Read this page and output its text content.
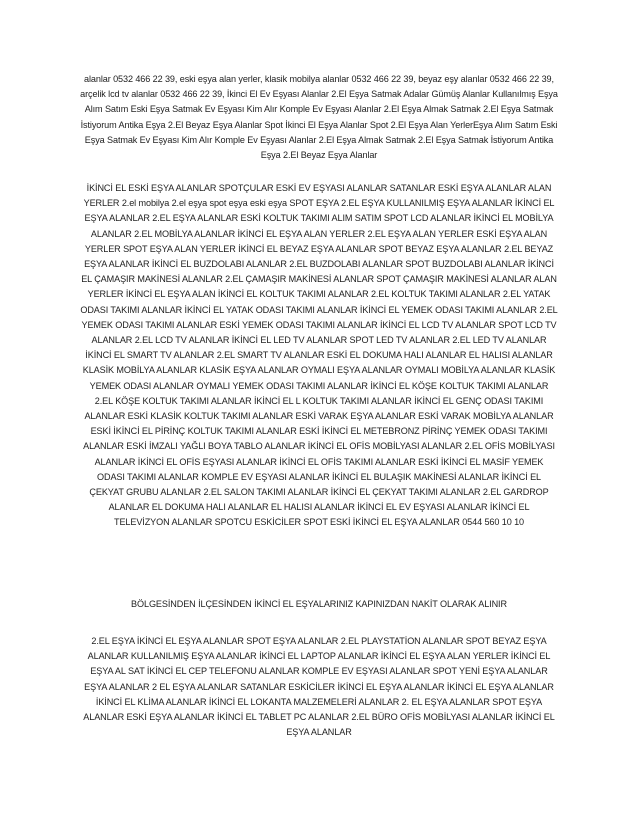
alanlar 0532 466 22 39, eski eşya alan yerler, klasik mobilya alanlar 0532 466 22 39, beyaz eşy alanlar 0532 466 22 39, arçelik lcd tv alanlar 0532 466 22 39, İkinci El Ev Eşyası Alanlar 2.El Eşya Satmak Adalar Gümüş Alanlar Kullanılmış Eşya Alım Satım Eski Eşya Satmak Ev Eşyası Kim Alır Komple Ev Eşyası Alanlar 2.El Eşya Almak Satmak 2.El Eşya Satmak İstiyorum Antika Eşya 2.El Beyaz Eşya Alanlar Spot İkinci El Eşya Alanlar Spot 2.El Eşya Alan YerlerEşya Alım Satım Eski Eşya Satmak Ev Eşyası Kim Alır Komple Ev Eşyası Alanlar 2.El Eşya Almak Satmak 2.El Eşya Satmak İstiyorum Antika Eşya 2.El Beyaz Eşya Alanlar
İKİNCİ EL ESKİ EŞYA ALANLAR SPOTÇULAR ESKİ EV EŞYASI ALANLAR SATANLAR ESKİ EŞYA ALANLAR ALAN YERLER 2.el mobilya 2.el eşya spot eşya eski eşya SPOT EŞYA 2.EL EŞYA KULLANILMIŞ EŞYA ALANLAR İKİNCİ EL EŞYA ALANLAR 2.EL EŞYA ALANLAR ESKİ KOLTUK TAKIMI ALIM SATIM SPOT LCD ALANLAR İKİNCİ EL MOBİLYA ALANLAR 2.EL MOBİLYA ALANLAR İKİNCİ EL EŞYA ALAN YERLER 2.EL EŞYA ALAN YERLER ESKİ EŞYA ALAN YERLER SPOT EŞYA ALAN YERLER İKİNCİ EL BEYAZ EŞYA ALANLAR SPOT BEYAZ EŞYA ALANLAR 2.EL BEYAZ EŞYA ALANLAR İKİNCİ EL BUZDOLABI ALANLAR 2.EL BUZDOLABI ALANLAR SPOT BUZDOLABI ALANLAR İKİNCİ EL ÇAMAŞIR MAKİNESİ ALANLAR 2.EL ÇAMAŞIR MAKİNESİ ALANLAR SPOT ÇAMAŞIR MAKİNESİ ALANLAR ALAN YERLER İKİNCİ EL EŞYA ALAN İKİNCİ EL KOLTUK TAKIMI ALANLAR 2.EL KOLTUK TAKIMI ALANLAR 2.EL YATAK ODASI TAKIMI ALANLAR İKİNCİ EL YATAK ODASI TAKIMI ALANLAR İKİNCİ EL YEMEK ODASI TAKIMI ALANLAR 2.EL YEMEK ODASI TAKIMI ALANLAR ESKİ YEMEK ODASI TAKIMI ALANLAR İKİNCİ EL LCD TV ALANLAR SPOT LCD TV ALANLAR 2.EL LCD TV ALANLAR İKİNCİ EL LED TV ALANLAR SPOT LED TV ALANLAR 2.EL LED TV ALANLAR İKİNCİ EL SMART TV ALANLAR 2.EL SMART TV ALANLAR ESKİ EL DOKUMA HALI ALANLAR EL HALISI ALANLAR KLASİK MOBİLYA ALANLAR KLASİK EŞYA ALANLAR OYMALI EŞYA ALANLAR OYMALI MOBİLYA ALANLAR KLASİK YEMEK ODASI ALANLAR OYMALI YEMEK ODASI TAKIMI ALANLAR İKİNCİ EL KÖŞE KOLTUK TAKIMI ALANLAR 2.EL KÖŞE KOLTUK TAKIMI ALANLAR İKİNCİ EL L KOLTUK TAKIMI ALANLAR İKİNCİ EL GENÇ ODASI TAKIMI ALANLAR ESKİ KLASİK KOLTUK TAKIMI ALANLAR ESKİ VARAK EŞYA ALANLAR ESKİ VARAK MOBİLYA ALANLAR ESKİ İKİNCİ EL PİRİNÇ KOLTUK TAKIMI ALANLAR ESKİ İKİNCİ EL METEBRONZ PİRİNÇ YEMEK ODASI TAKIMI ALANLAR ESKİ İMZALI YAĞLI BOYA TABLO ALANLAR İKİNCİ EL OFİS MOBİLYASI ALANLAR 2.EL OFİS MOBİLYASI ALANLAR İKİNCİ EL OFİS EŞYASI ALANLAR İKİNCİ EL OFİS TAKIMI ALANLAR ESKİ İKİNCİ EL MASİF YEMEK ODASI TAKIMI ALANLAR KOMPLE EV EŞYASI ALANLAR İKİNCİ EL BULAŞIK MAKİNESİ ALANLAR İKİNCİ EL ÇEKYAT GRUBU ALANLAR 2.EL SALON TAKIMI ALANLAR İKİNCİ EL ÇEKYAT TAKIMI ALANLAR 2.EL GARDROP ALANLAR EL DOKUMA HALI ALANLAR EL HALISI ALANLAR İKİNCİ EL EV EŞYASI ALANLAR İKİNCİ EL TELEVİZYON ALANLAR SPOTCU ESKİCİLER SPOT ESKİ İKİNCİ EL EŞYA ALANLAR 0544 560 10 10
BÖLGESİNDEN İLÇESİNDEN İKİNCİ EL EŞYALARINIZ KAPINIZDAN NAKİT OLARAK ALINIR
2.EL EŞYA İKİNCİ EL EŞYA ALANLAR SPOT EŞYA ALANLAR 2.EL PLAYSTATİON ALANLAR SPOT BEYAZ EŞYA ALANLAR KULLANILMIŞ EŞYA ALANLAR İKİNCİ EL LAPTOP ALANLAR İKİNCİ EL EŞYA ALAN YERLER İKİNCİ EL EŞYA AL SAT İKİNCİ EL CEP TELEFONU ALANLAR KOMPLE EV EŞYASI ALANLAR SPOT YENİ EŞYA ALANLAR EŞYA ALANLAR 2 EL EŞYA ALANLAR SATANLAR ESKİCİLER İKİNCİ EL EŞYA ALANLAR İKİNCİ EL EŞYA ALANLAR İKİNCİ EL KLİMA ALANLAR İKİNCİ EL LOKANTA MALZEMELERİ ALANLAR 2. EL EŞYA ALANLAR SPOT EŞYA ALANLAR ESKİ EŞYA ALANLAR İKİNCİ EL TABLET PC ALANLAR 2.EL BÜRO OFİS MOBİLYASI ALANLAR İKİNCİ EL EŞYA ALANLAR
